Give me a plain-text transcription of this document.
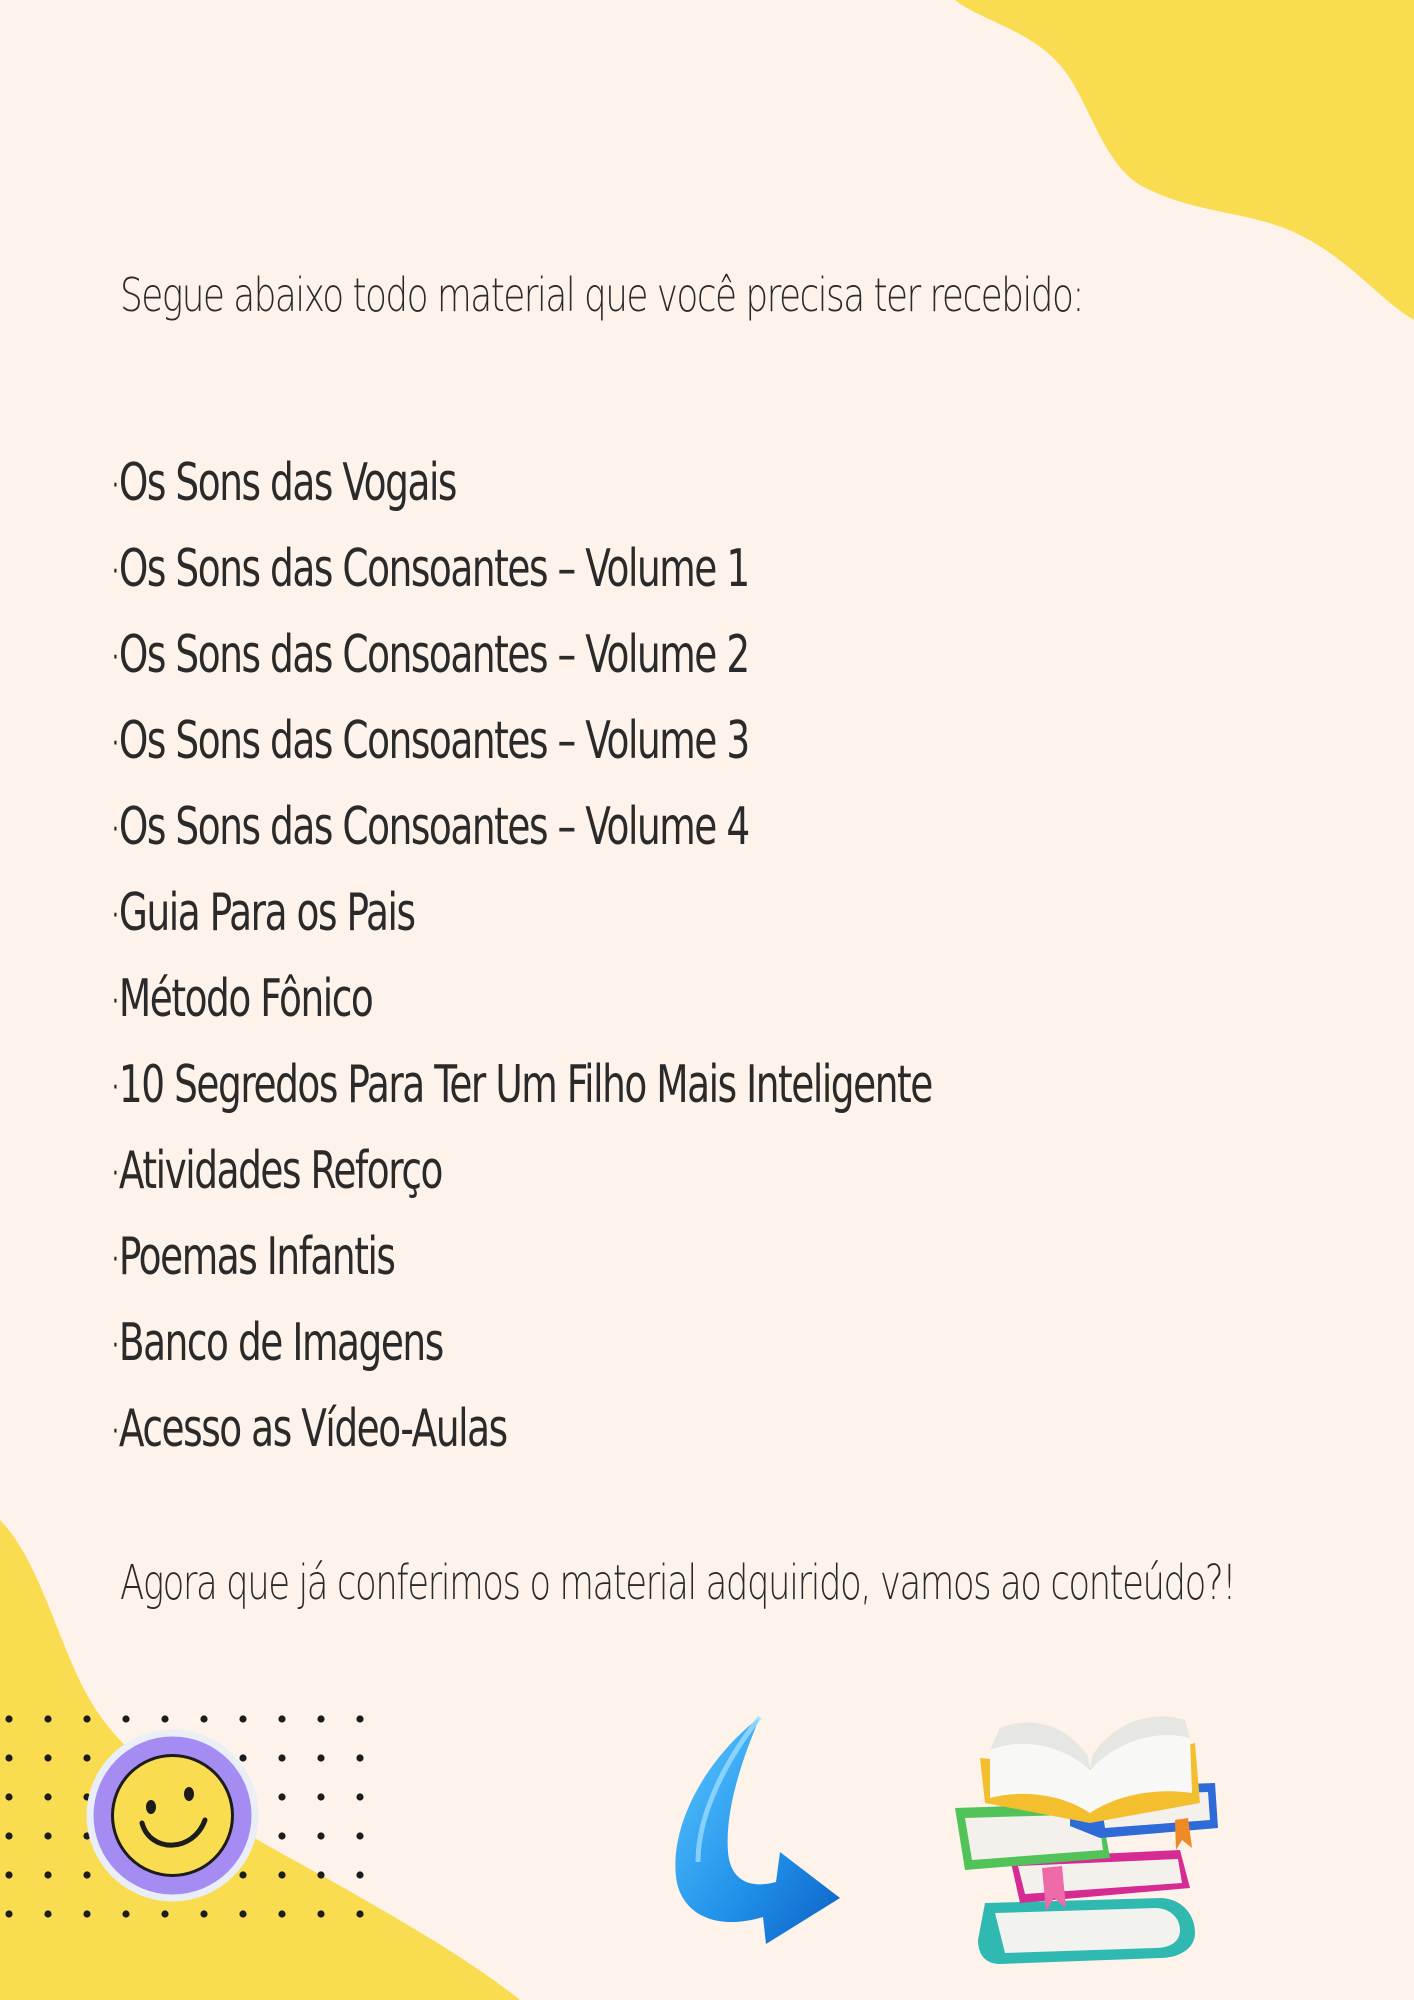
Segue abaixo todo material que você precisa ter recebido:

·Os Sons das Vogais
·Os Sons das Consoantes – Volume 1
·Os Sons das Consoantes – Volume 2
·Os Sons das Consoantes – Volume 3
·Os Sons das Consoantes – Volume 4
·Guia Para os Pais
·Método Fônico
·10 Segredos Para Ter Um Filho Mais Inteligente
·Atividades Reforço
·Poemas Infantis
·Banco de Imagens
·Acesso as Vídeo-Aulas

Agora que já conferimos o material adquirido, vamos ao conteúdo?!
